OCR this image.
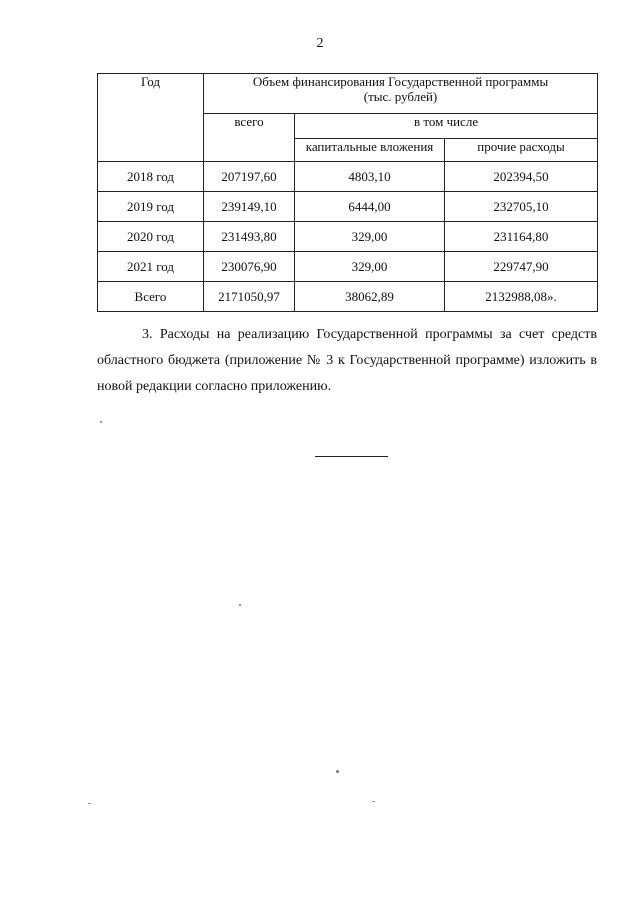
2
Год	Объем финансирования Государственной программы
(тыс. рублей)		

	всего	в том числе	
		капитальные вложения	прочие расходы
2018 год	207197,60	4803,10	202394,50
2019 год	239149,10	6444,00	232705,10
2020 год	231493,80	329,00	231164,80
2021 год	230076,90	329,00	229747,90
Всего	2171050,97	38062,89	2132988,08».

3. Расходы на реализацию Государственной программы за счет средств областного бюджета (приложение № 3 к Государственной программе) изложить в новой редакции согласно приложению.
